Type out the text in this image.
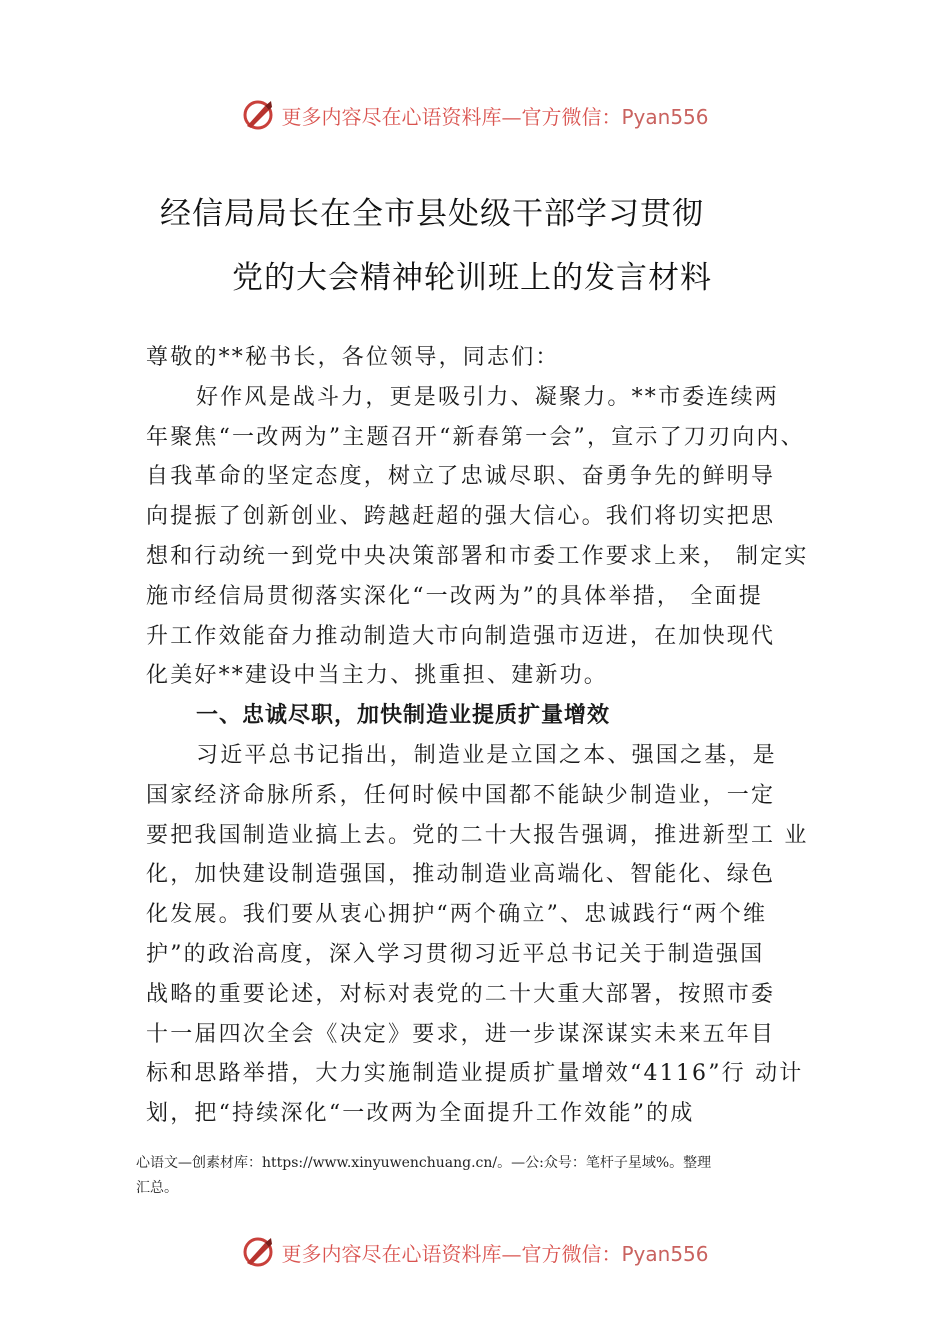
更多内容尽在心语资料库—官方微信：Pyan556
经信局局长在全市县处级干部学习贯彻
党的大会精神轮训班上的发言材料
尊敬的**秘书长，各位领导，同志们：
好作风是战斗力，更是吸引力、凝聚力。**市委连续两
年聚焦“一改两为”主题召开“新春第一会”，宣示了刀刃向内、
自我革命的坚定态度，树立了忠诚尽职、奋勇争先的鲜明导
向提振了创新创业、跨越赶超的强大信心。我们将切实把思
想和行动统一到党中央决策部署和市委工作要求上来， 制定实
施市经信局贯彻落实深化“一改两为”的具体举措， 全面提
升工作效能奋力推动制造大市向制造强市迈进，在加快现代
化美好**建设中当主力、挑重担、建新功。
一、忠诚尽职，加快制造业提质扩量增效
习近平总书记指出，制造业是立国之本、强国之基，是
国家经济命脉所系，任何时候中国都不能缺少制造业，一定
要把我国制造业搞上去。党的二十大报告强调，推进新型工 业
化，加快建设制造强国，推动制造业高端化、智能化、绿色
化发展。我们要从衷心拥护“两个确立”、忠诚践行“两个维
护”的政治高度，深入学习贯彻习近平总书记关于制造强国
战略的重要论述，对标对表党的二十大重大部署，按照市委
十一届四次全会《决定》要求，进一步谋深谋实未来五年目
标和思路举措，大力实施制造业提质扩量增效“4116”行 动计
划，把“持续深化“一改两为全面提升工作效能”的成
心语文—创素材库：https://www.xinyuwenchuang.cn/。—公:众号：笔杆子星域%。整理
汇总。
更多内容尽在心语资料库—官方微信：Pyan556
